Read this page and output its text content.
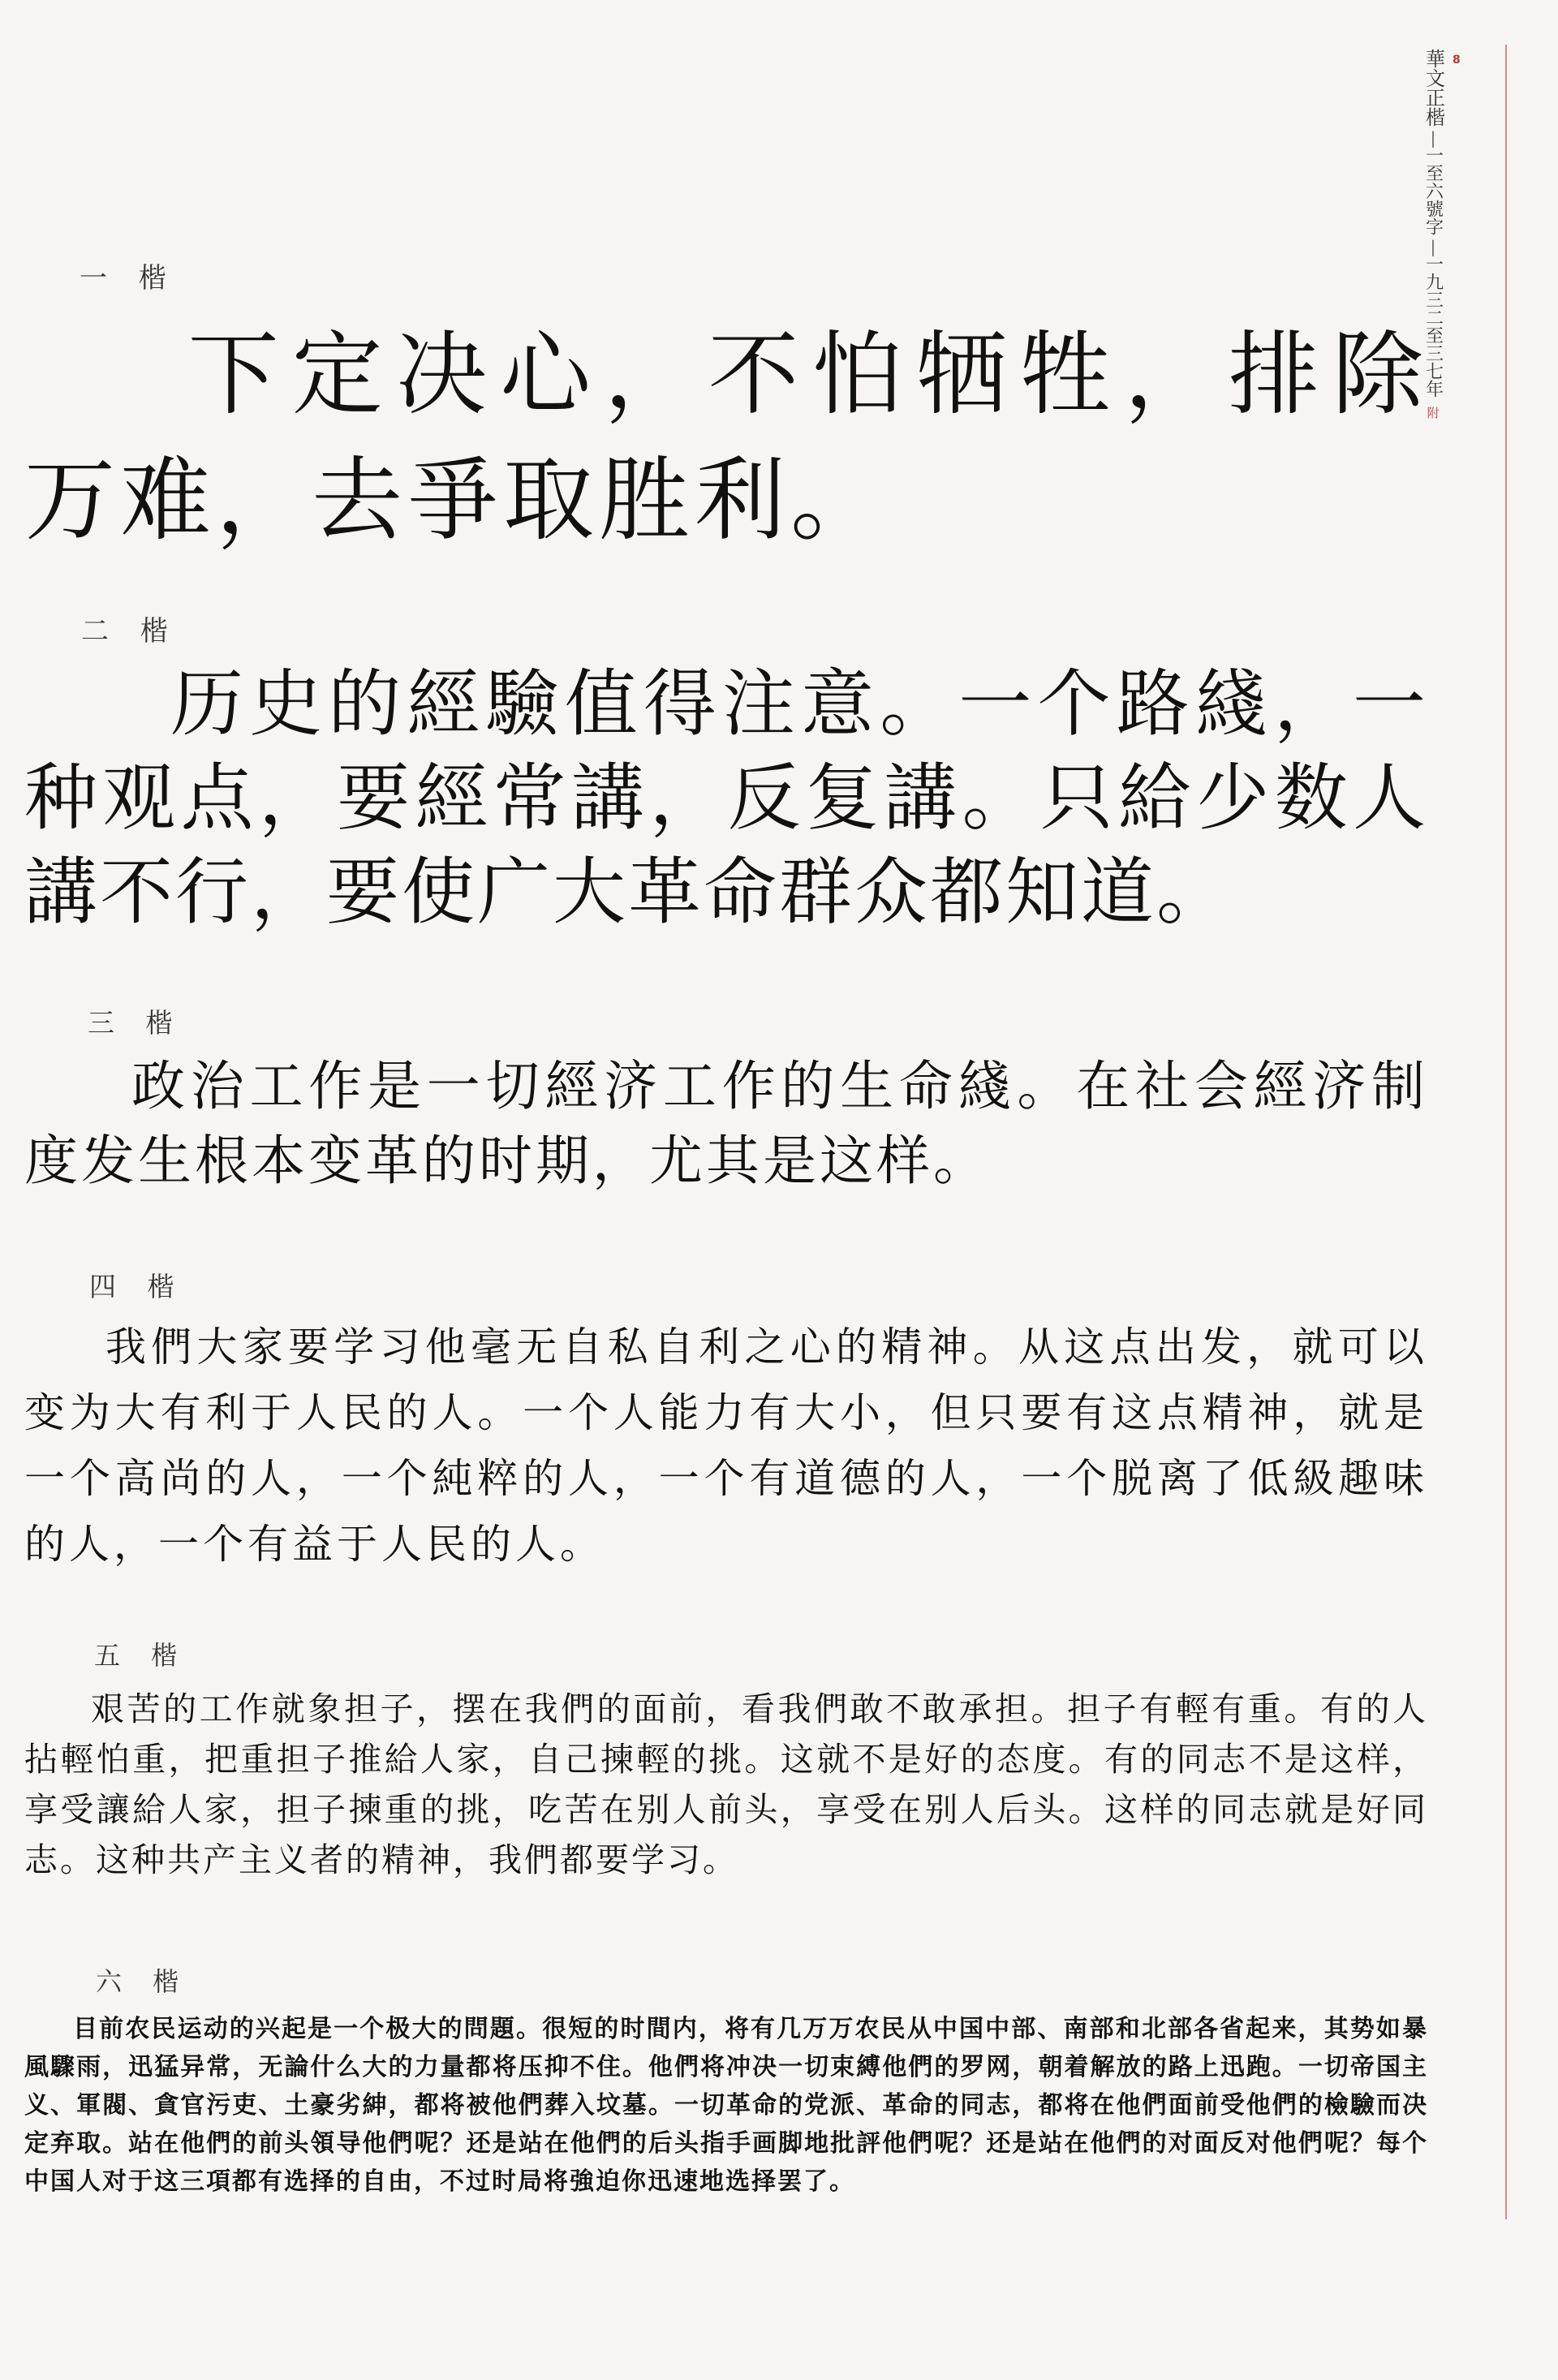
8
華文正楷
|
一至六號字
|
一九三二至三七年
附
一 楷

下定决心，不怕牺牲，排除万难，去爭取胜利。

二 楷

历史的經驗值得注意。一个路綫，一种观点，要經常講，反复講。只給少数人講不行，要使广大革命群众都知道。

三 楷

政治工作是一切經济工作的生命綫。在社会經济制度发生根本变革的时期，尤其是这样。

四 楷

我們大家要学习他毫无自私自利之心的精神。从这点出发，就可以变为大有利于人民的人。一个人能力有大小，但只要有这点精神，就是一个高尚的人，一个純粹的人，一个有道德的人，一个脱离了低級趣味的人，一个有益于人民的人。

五 楷

艰苦的工作就象担子，摆在我們的面前，看我們敢不敢承担。担子有輕有重。有的人拈輕怕重，把重担子推給人家，自己揀輕的挑。这就不是好的态度。有的同志不是这样，享受讓給人家，担子揀重的挑，吃苦在别人前头，享受在别人后头。这样的同志就是好同志。这种共产主义者的精神，我們都要学习。

六 楷

目前农民运动的兴起是一个极大的問題。很短的时間内，将有几万万农民从中国中部、南部和北部各省起来，其势如暴風驟雨，迅猛异常，无論什么大的力量都将压抑不住。他們将冲决一切束縛他們的罗网，朝着解放的路上迅跑。一切帝国主义、軍閥、貪官污吏、土豪劣紳，都将被他們葬入坟墓。一切革命的党派、革命的同志，都将在他們面前受他們的檢驗而决定弃取。站在他們的前头領导他們呢？还是站在他們的后头指手画脚地批評他們呢？还是站在他們的对面反对他們呢？每个中国人对于这三項都有选择的自由，不过时局将強迫你迅速地选择罢了。
